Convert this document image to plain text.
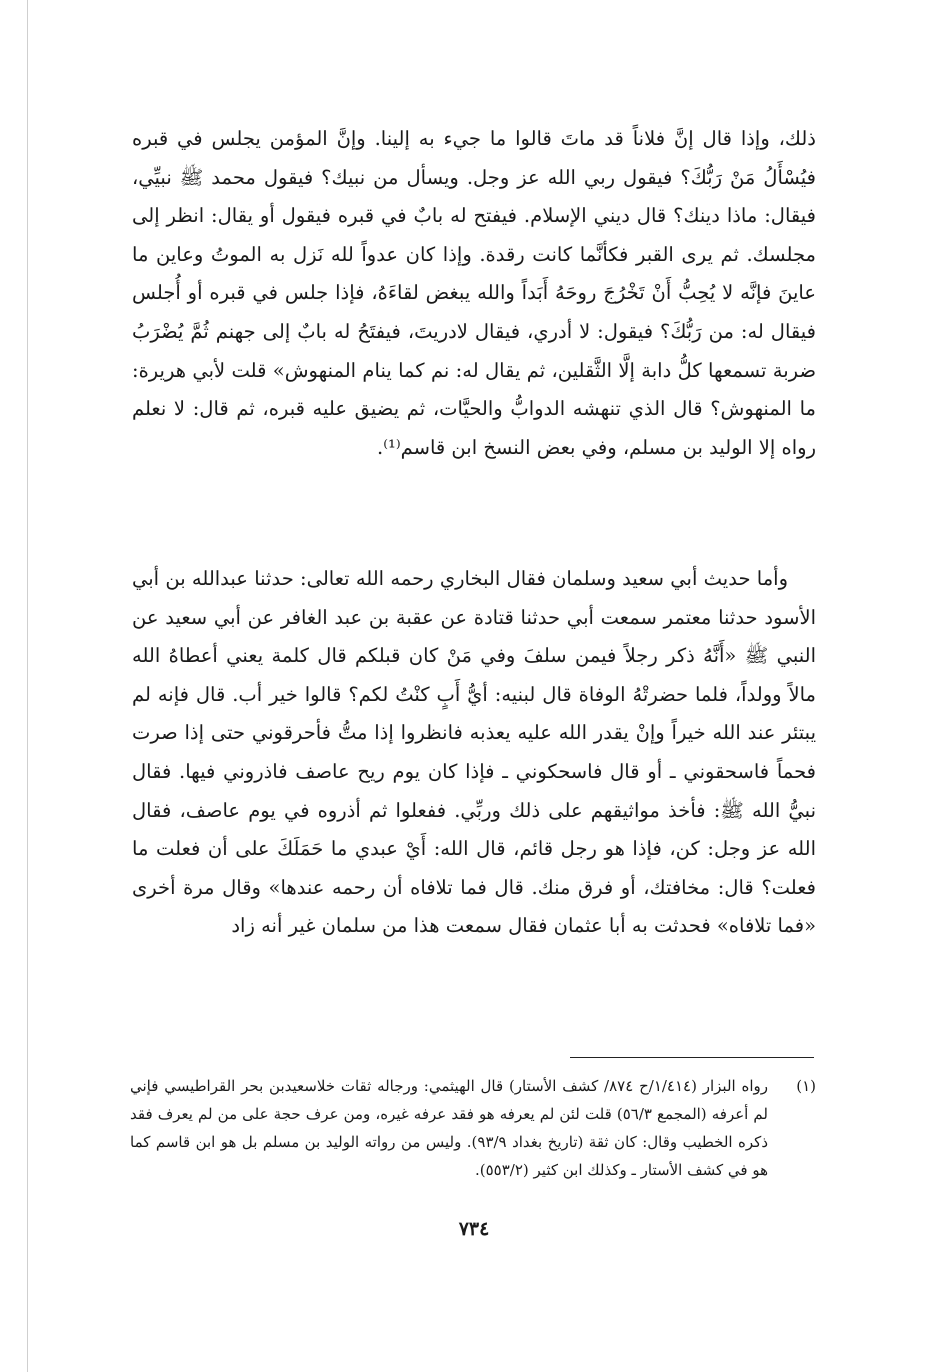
ذلك، وإذا قال إنَّ فلاناً قد ماتَ قالوا ما جيء به إلينا. وإنَّ المؤمن يجلس في قبره فيُسْأَلُ مَنْ رَبُّكَ؟ فيقول ربي الله عز وجل. ويسأل من نبيك؟ فيقول محمد ﷺ نبيِّي، فيقال: ماذا دينك؟ قال ديني الإسلام. فيفتح له بابٌ في قبره فيقول أو يقال: انظر إلى مجلسك. ثم يرى القبر فكأنَّما كانت رقدة. وإذا كان عدواً لله نَزل به الموتُ وعاين ما عاينَ فإنَّه لا يُحِبُّ أَنْ تَخْرُجَ روحَهُ أَبَداً والله يبغض لقاءَهُ، فإذا جلس في قبره أو أُجلس فيقال له: من رَبُّكَ؟ فيقول: لا أدري، فيقال لادريتَ، فيفتَحُ له بابٌ إلى جهنم ثُمَّ يُضْرَبُ ضربة تسمعها كلُّ دابة إلَّا الثَّقلين، ثم يقال له: نم كما ينام المنهوش» قلت لأبي هريرة: ما المنهوش؟ قال الذي تنهشه الدوابُّ والحيَّات، ثم يضيق عليه قبره، ثم قال: لا نعلم رواه إلا الوليد بن مسلم، وفي بعض النسخ ابن قاسم⁽¹⁾.

وأما حديث أبي سعيد وسلمان فقال البخاري رحمه الله تعالى: حدثنا عبدالله بن أبي الأسود حدثنا معتمر سمعت أبي حدثنا قتادة عن عقبة بن عبد الغافر عن أبي سعيد عن النبي ﷺ «أَنَّهُ ذكر رجلاً فيمن سلفَ وفي مَنْ كان قبلكم قال كلمة يعني أعطاهُ الله مالاً وولداً، فلما حضرتْهُ الوفاة قال لبنيه: أيُّ أَبٍ كنْتُ لكم؟ قالوا خير أب. قال فإنه لم يبتئر عند الله خيراً وإنْ يقدر الله عليه يعذبه فانظروا إذا متُّ فأحرقوني حتى إذا صرت فحماً فاسحقوني ـ أو قال فاسحكوني ـ فإذا كان يوم ريح عاصف فاذروني فيها. فقال نبيُّ الله ﷺ: فأخذ مواثيقهم على ذلك وربِّي. ففعلوا ثم أذروه في يوم عاصف، فقال الله عز وجل: كن، فإذا هو رجل قائم، قال الله: أَيْ عبدي ما حَمَلَكَ على أن فعلت ما فعلت؟ قال: مخافتك، أو فرق منك. قال فما تلافاه أن رحمه عندها» وقال مرة أخرى «فما تلافاه» فحدثت به أبا عثمان فقال سمعت هذا من سلمان غير أنه زاد

(١)
رواه البزار (١/٤١٤/ح ٨٧٤/ كشف الأستار) قال الهيثمي: ورجاله ثقات خلاسعيدبن بحر القراطيسي فإني لم أعرفه (المجمع ٥٦/٣) قلت لئن لم يعرفه هو فقد عرفه غيره، ومن عرف حجة على من لم يعرف فقد ذكره الخطيب وقال: كان ثقة (تاريخ بغداد ٩٣/٩). وليس من رواته الوليد بن مسلم بل هو ابن قاسم كما هو في كشف الأستار ـ وكذلك ابن كثير (٥٥٣/٢).
٧٣٤
